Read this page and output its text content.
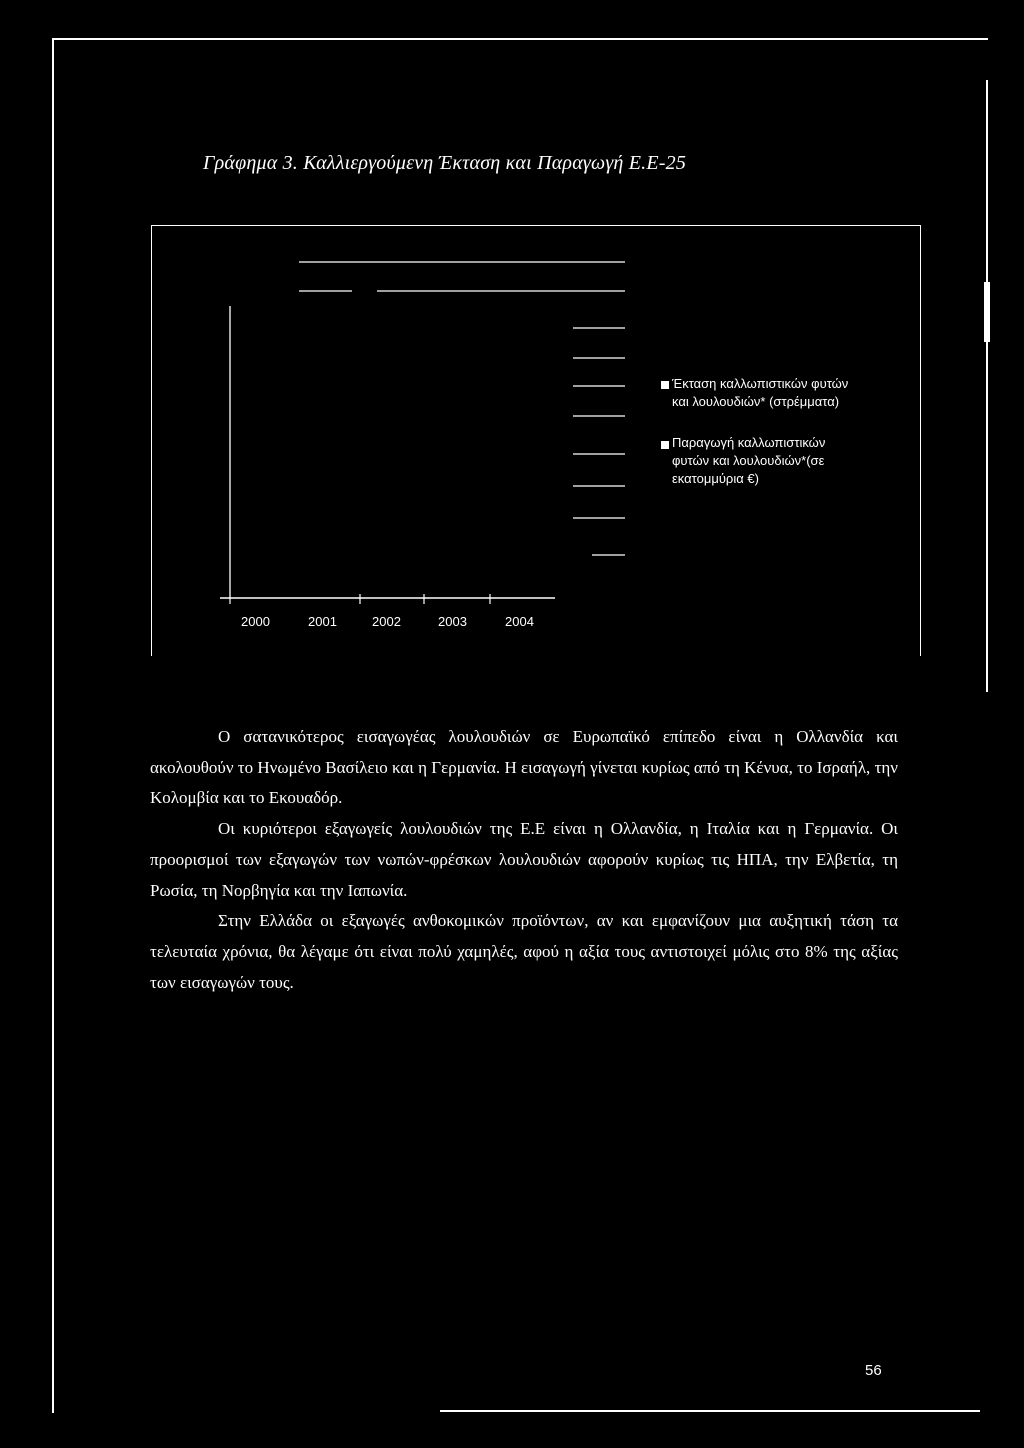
Γράφημα 3. Καλλιεργούμενη Έκταση και Παραγωγή Ε.Ε-25
2000	2001	2002	2003	2004
Έκταση καλλωπιστικών φυτών
και λουλουδιών* (στρέμματα)
Παραγωγή καλλωπιστικών
φυτών και λουλουδιών*(σε
εκατομμύρια €)

Ο σατανικότερος εισαγωγέας λουλουδιών σε Ευρωπαϊκό επίπεδο είναι η Ολλανδία και ακολουθούν το Ηνωμένο Βασίλειο και η Γερμανία. Η εισαγωγή γίνεται κυρίως από τη Κένυα, το Ισραήλ, την Κολομβία και το Εκουαδόρ.

Οι κυριότεροι εξαγωγείς λουλουδιών της Ε.Ε είναι η Ολλανδία, η Ιταλία και η Γερμανία. Οι προορισμοί των εξαγωγών των νωπών-φρέσκων λουλουδιών αφορούν κυρίως τις ΗΠΑ, την Ελβετία, τη Ρωσία, τη Νορβηγία και την Ιαπωνία.

Στην Ελλάδα οι εξαγωγές ανθοκομικών προϊόντων, αν και εμφανίζουν μια αυξητική τάση τα τελευταία χρόνια, θα λέγαμε ότι είναι πολύ χαμηλές, αφού η αξία τους αντιστοιχεί μόλις στο 8% της αξίας των εισαγωγών τους.

56
